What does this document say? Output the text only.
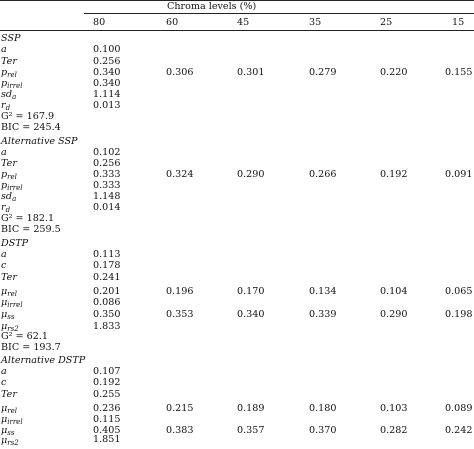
Chroma levels (%)
80	60	45	35	25	15
SSP
a	0.100
Ter	0.256
$p_{rel}$	0.340	0.306	0.301	0.279	0.220	0.155
$p_{irrel}$	0.340
$sd_a$	1.114
$r_d$	0.013
G² = 167.9
BIC = 245.4
Alternative SSP
a	0.102
Ter	0.256
$p_{rel}$	0.333	0.324	0.290	0.266	0.192	0.091
$p_{irrel}$	0.333
$sd_a$	1.148
$r_d$	0.014
G² = 182.1
BIC = 259.5
DSTP
a	0.113
c	0.178
Ter	0.241
$\mu_{rel}$	0.201	0.196	0.170	0.134	0.104	0.065
$\mu_{irrel}$	0.086
$\mu_{ss}$	0.350	0.353	0.340	0.339	0.290	0.198
$\mu_{rs2}$	1.833
G² = 62.1
BIC = 193.7
Alternative DSTP
a	0.107
c	0.192
Ter	0.255
$\mu_{rel}$	0.236	0.215	0.189	0.180	0.103	0.089
$\mu_{irrel}$	0.115
$\mu_{ss}$	0.405	0.383	0.357	0.370	0.282	0.242
$\mu_{rs2}$	1.851
